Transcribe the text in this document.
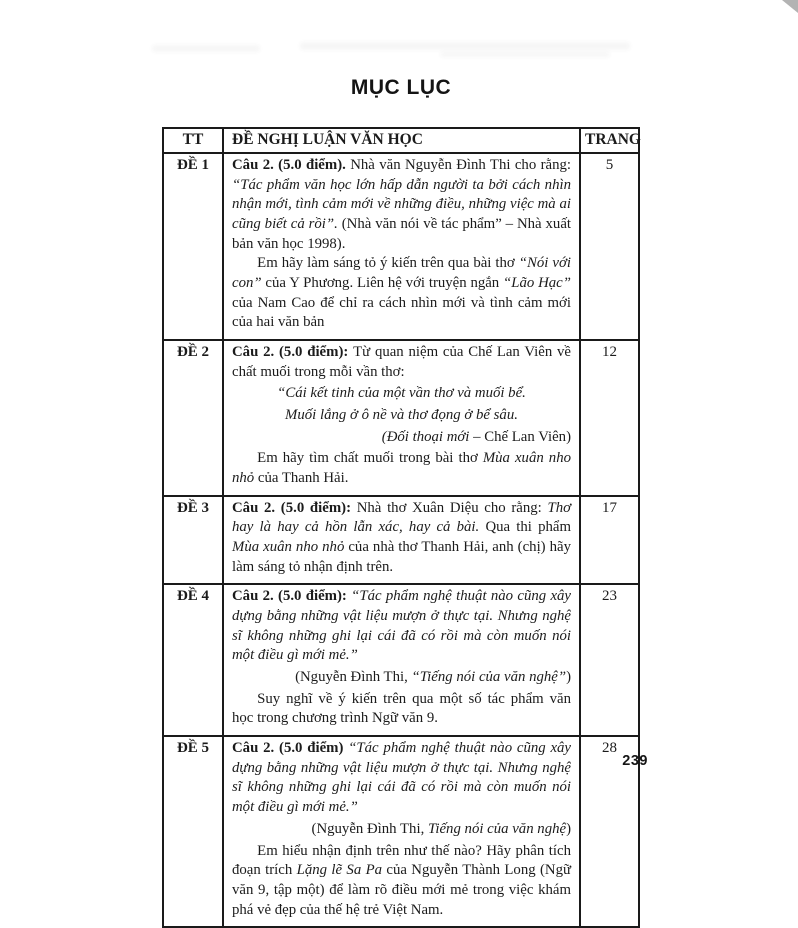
MỤC LỤC
TT	ĐỀ NGHỊ LUẬN VĂN HỌC	TRANG
ĐỀ 1	Câu 2. (5.0 điểm). Nhà văn Nguyễn Đình Thi cho rằng: “Tác phẩm văn học lớn hấp dẫn người ta bởi cách nhìn nhận mới, tình cảm mới về những điều, những việc mà ai cũng biết cả rồi”. (Nhà văn nói về tác phẩm” – Nhà xuất bản văn học 1998).

Em hãy làm sáng tỏ ý kiến trên qua bài thơ “Nói với con” của Y Phương. Liên hệ với truyện ngắn “Lão Hạc” của Nam Cao để chỉ ra cách nhìn mới và tình cảm mới của hai văn bản	5
ĐỀ 2	Câu 2. (5.0 điểm): Từ quan niệm của Chế Lan Viên về chất muối trong mỗi vần thơ:

“Cái kết tinh của một vần thơ và muối bể.

Muối lắng ở ô nề và thơ đọng ở bể sâu.

(Đối thoại mới – Chế Lan Viên)

Em hãy tìm chất muối trong bài thơ Mùa xuân nho nhỏ của Thanh Hải.	12
ĐỀ 3	Câu 2. (5.0 điểm): Nhà thơ Xuân Diệu cho rằng: Thơ hay là hay cả hồn lẫn xác, hay cả bài. Qua thi phẩm Mùa xuân nho nhỏ của nhà thơ Thanh Hải, anh (chị) hãy làm sáng tỏ nhận định trên.	17
ĐỀ 4	Câu 2. (5.0 điểm): “Tác phẩm nghệ thuật nào cũng xây dựng bằng những vật liệu mượn ở thực tại. Nhưng nghệ sĩ không những ghi lại cái đã có rồi mà còn muốn nói một điều gì mới mẻ.”

(Nguyễn Đình Thi, “Tiếng nói của văn nghệ”)

Suy nghĩ về ý kiến trên qua một số tác phẩm văn học trong chương trình Ngữ văn 9.	23
ĐỀ 5	Câu 2. (5.0 điểm) “Tác phẩm nghệ thuật nào cũng xây dựng bằng những vật liệu mượn ở thực tại. Nhưng nghệ sĩ không những ghi lại cái đã có rồi mà còn muốn nói một điều gì mới mẻ.”

(Nguyễn Đình Thi, Tiếng nói của văn nghệ)

Em hiểu nhận định trên như thế nào? Hãy phân tích đoạn trích Lặng lẽ Sa Pa của Nguyễn Thành Long (Ngữ văn 9, tập một) để làm rõ điều mới mẻ trong việc khám phá vẻ đẹp của thế hệ trẻ Việt Nam.	28
239
